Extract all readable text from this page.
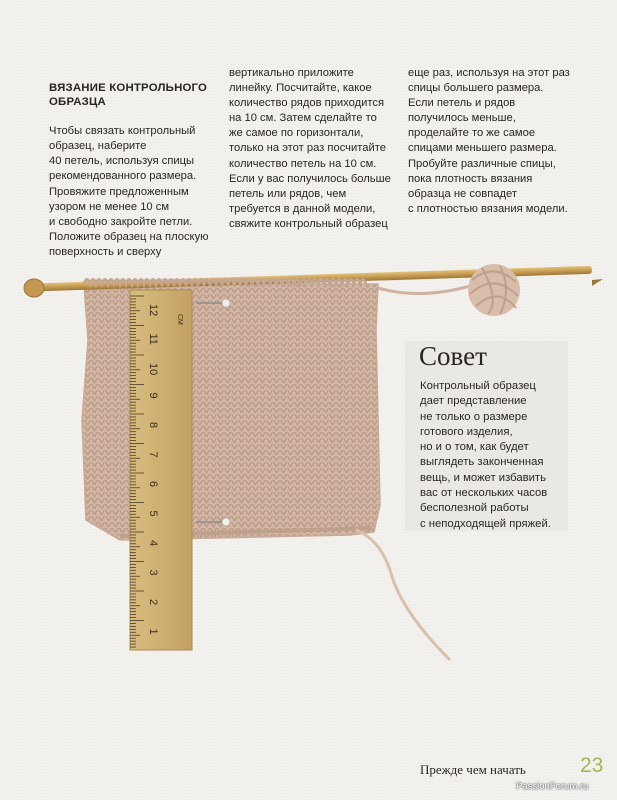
ВЯЗАНИЕ КОНТРОЛЬНОГО
ОБРАЗЦА

Чтобы связать контрольный
образец, наберите
40 петель, используя спицы
рекомендованного размера.
Провяжите предложенным
узором не менее 10 см
и свободно закройте петли.
Положите образец на плоскую
поверхность и сверху

вертикально приложите
линейку. Посчитайте, какое
количество рядов приходится
на 10 см. Затем сделайте то
же самое по горизонтали,
только на этот раз посчитайте
количество петель на 10 см.
Если у вас получилось больше
петель или рядов, чем
требуется в данной модели,
свяжите контрольный образец
еще раз, используя на этот раз
спицы большего размера.
Если петель и рядов
получилось меньше,
проделайте то же самое
спицами меньшего размера.
Пробуйте различные спицы,
пока плотность вязания
образца не совпадет
с плотностью вязания модели.
12
11
10
9
8
7
6
5
4
3
2
1
CM
Совет
Контрольный образец
дает представление
не только о размере
готового изделия,
но и о том, как будет
выглядеть законченная
вещь, и может избавить
вас от нескольких часов
бесполезной работы
с неподходящей пряжей.
Прежде чем начать	23
PassionForum.ru
